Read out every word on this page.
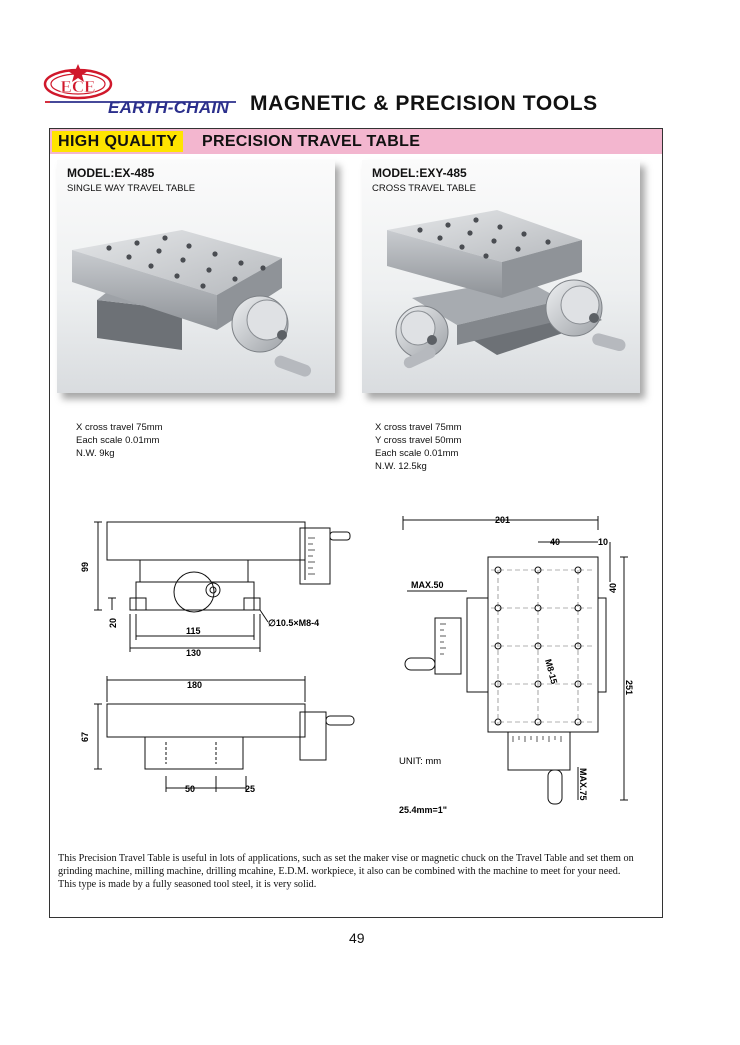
ECE
EARTH-CHAIN MAGNETIC & PRECISION TOOLS
HIGH QUALITY	PRECISION TRAVEL TABLE
MODEL:EX-485
SINGLE WAY TRAVEL TABLE
MODEL:EXY-485
CROSS TRAVEL TABLE
X cross travel 75mm
Each scale 0.01mm
N.W. 9kg
X cross travel 75mm
Y cross travel 50mm
Each scale 0.01mm
N.W. 12.5kg
99
20
115
130
∅10.5×M8-4
180
67
50	25
201
40	10
40
MAX.50
M8-15
251
MAX.75
UNIT: mm
25.4mm=1"
This Precision Travel Table is useful in lots of applications, such as set the maker vise or magnetic chuck on the Travel Table and set them on grinding machine, milling machine, drilling mcahine, E.D.M. workpiece, it also can be combined with the machine to meet for your need.
This type is made by a fully seasoned tool steel, it is very solid.
49
